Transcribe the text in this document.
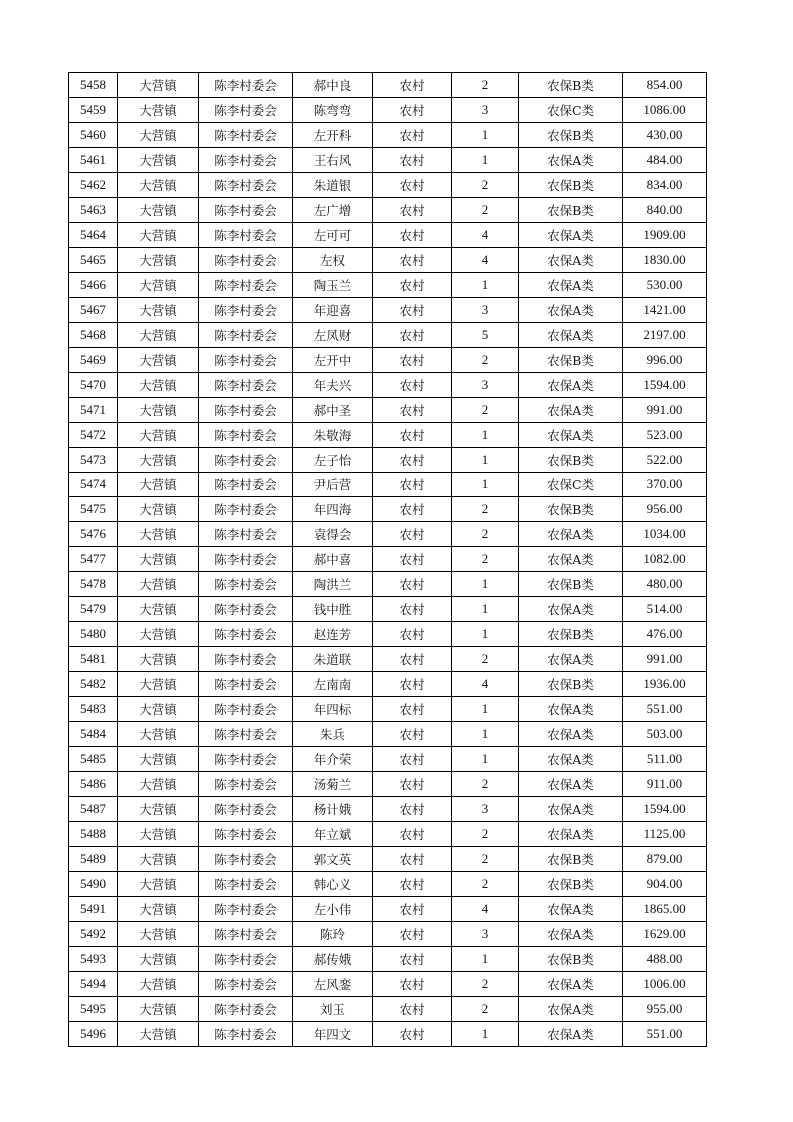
5458	大营镇	陈李村委会	郝中良	农村	2	农保B类	854.00
5459	大营镇	陈李村委会	陈弯弯	农村	3	农保C类	1086.00
5460	大营镇	陈李村委会	左开科	农村	1	农保B类	430.00
5461	大营镇	陈李村委会	王右风	农村	1	农保A类	484.00
5462	大营镇	陈李村委会	朱道银	农村	2	农保B类	834.00
5463	大营镇	陈李村委会	左广增	农村	2	农保B类	840.00
5464	大营镇	陈李村委会	左可可	农村	4	农保A类	1909.00
5465	大营镇	陈李村委会	左权	农村	4	农保A类	1830.00
5466	大营镇	陈李村委会	陶玉兰	农村	1	农保A类	530.00
5467	大营镇	陈李村委会	年迎喜	农村	3	农保A类	1421.00
5468	大营镇	陈李村委会	左凤财	农村	5	农保A类	2197.00
5469	大营镇	陈李村委会	左开中	农村	2	农保B类	996.00
5470	大营镇	陈李村委会	年夫兴	农村	3	农保A类	1594.00
5471	大营镇	陈李村委会	郝中圣	农村	2	农保A类	991.00
5472	大营镇	陈李村委会	朱敬海	农村	1	农保A类	523.00
5473	大营镇	陈李村委会	左子怡	农村	1	农保B类	522.00
5474	大营镇	陈李村委会	尹后营	农村	1	农保C类	370.00
5475	大营镇	陈李村委会	年四海	农村	2	农保B类	956.00
5476	大营镇	陈李村委会	袁得会	农村	2	农保A类	1034.00
5477	大营镇	陈李村委会	郝中喜	农村	2	农保A类	1082.00
5478	大营镇	陈李村委会	陶洪兰	农村	1	农保B类	480.00
5479	大营镇	陈李村委会	钱中胜	农村	1	农保A类	514.00
5480	大营镇	陈李村委会	赵连芳	农村	1	农保B类	476.00
5481	大营镇	陈李村委会	朱道联	农村	2	农保A类	991.00
5482	大营镇	陈李村委会	左南南	农村	4	农保B类	1936.00
5483	大营镇	陈李村委会	年四标	农村	1	农保A类	551.00
5484	大营镇	陈李村委会	朱兵	农村	1	农保A类	503.00
5485	大营镇	陈李村委会	年介荣	农村	1	农保A类	511.00
5486	大营镇	陈李村委会	汤菊兰	农村	2	农保A类	911.00
5487	大营镇	陈李村委会	杨计娥	农村	3	农保A类	1594.00
5488	大营镇	陈李村委会	年立斌	农村	2	农保A类	1125.00
5489	大营镇	陈李村委会	郭文英	农村	2	农保B类	879.00
5490	大营镇	陈李村委会	韩心义	农村	2	农保B类	904.00
5491	大营镇	陈李村委会	左小伟	农村	4	农保A类	1865.00
5492	大营镇	陈李村委会	陈玲	农村	3	农保A类	1629.00
5493	大营镇	陈李村委会	郝传娥	农村	1	农保B类	488.00
5494	大营镇	陈李村委会	左风銮	农村	2	农保A类	1006.00
5495	大营镇	陈李村委会	刘玉	农村	2	农保A类	955.00
5496	大营镇	陈李村委会	年四文	农村	1	农保A类	551.00
